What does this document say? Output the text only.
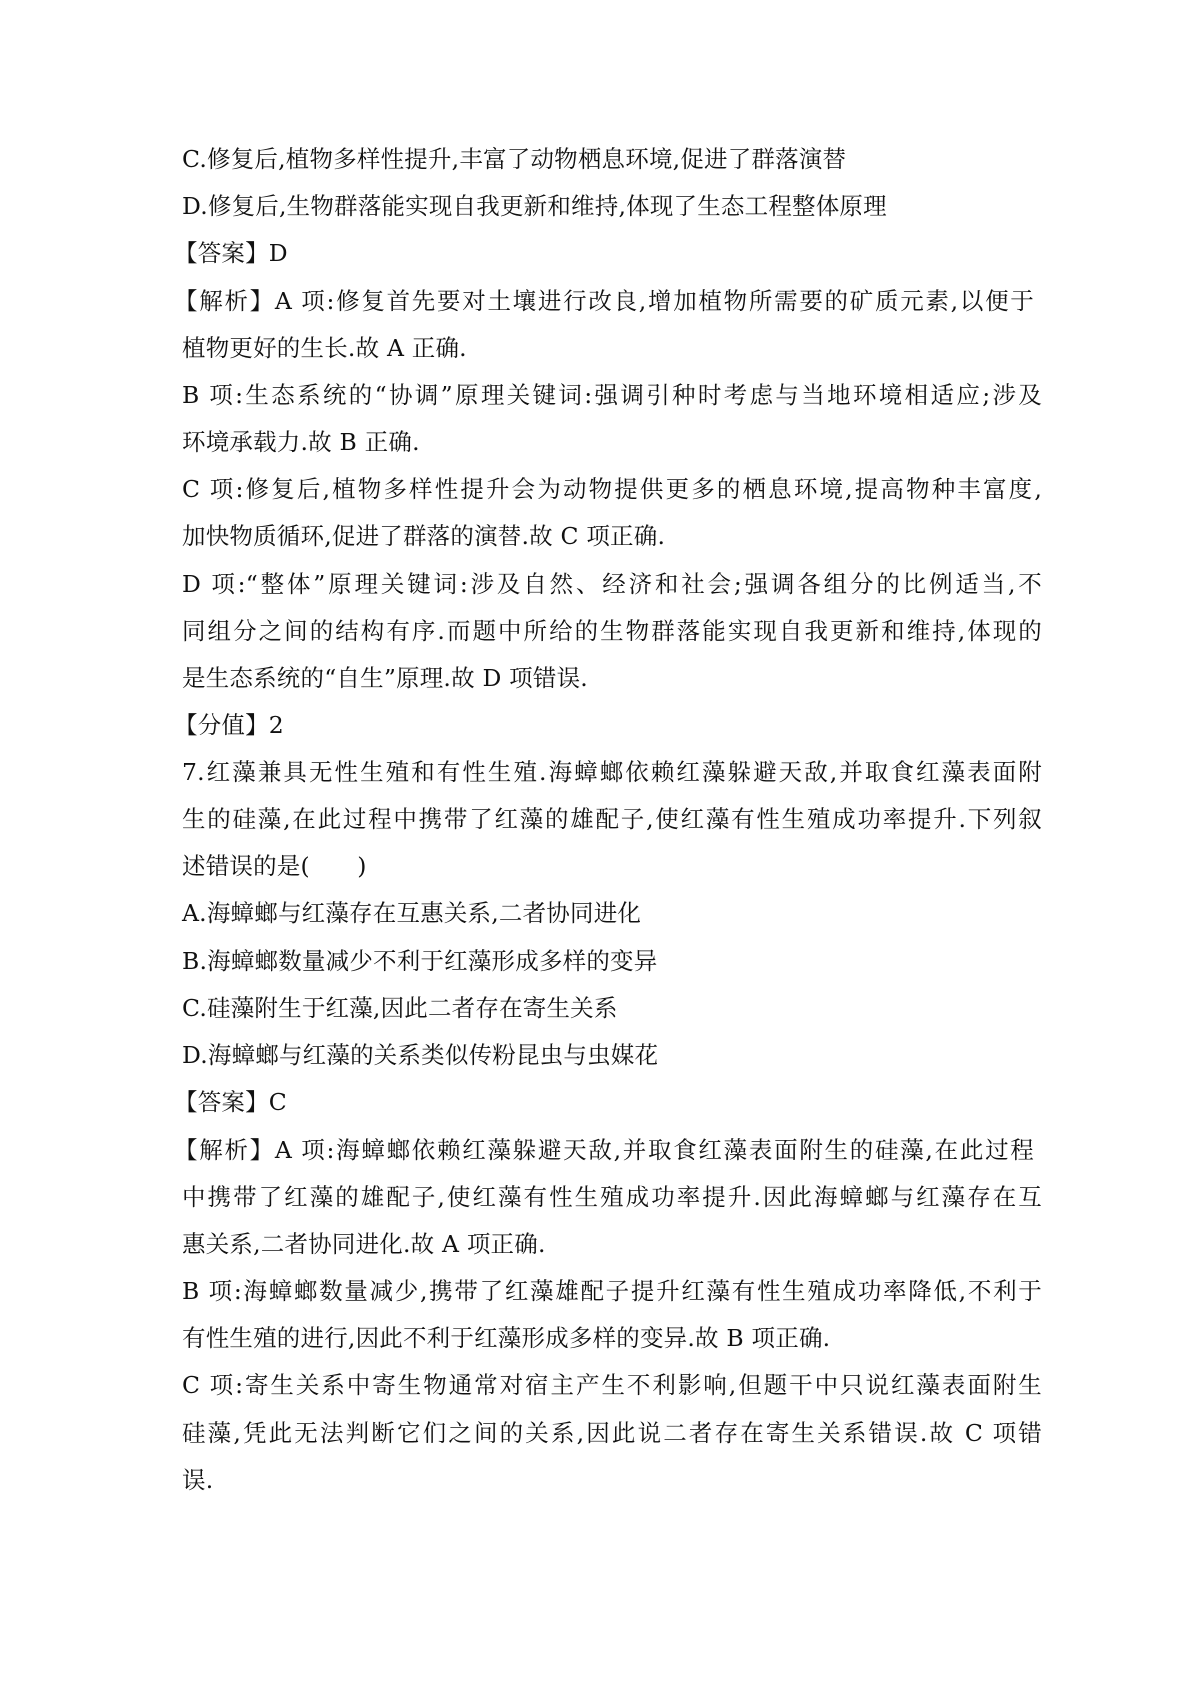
C.修复后,植物多样性提升,丰富了动物栖息环境,促进了群落演替
D.修复后,生物群落能实现自我更新和维持,体现了生态工程整体原理
【答案】D
【解析】A 项:修复首先要对土壤进行改良,增加植物所需要的矿质元素,以便于
植物更好的生长.故 A 正确.
B 项:生态系统的“协调”原理关键词:强调引种时考虑与当地环境相适应;涉及
环境承载力.故 B 正确.
C 项:修复后,植物多样性提升会为动物提供更多的栖息环境,提高物种丰富度,
加快物质循环,促进了群落的演替.故 C 项正确.
D 项:“整体”原理关键词:涉及自然、经济和社会;强调各组分的比例适当,不
同组分之间的结构有序.而题中所给的生物群落能实现自我更新和维持,体现的
是生态系统的“自生”原理.故 D 项错误.
【分值】2
7.红藻兼具无性生殖和有性生殖.海蟑螂依赖红藻躲避天敌,并取食红藻表面附
生的硅藻,在此过程中携带了红藻的雄配子,使红藻有性生殖成功率提升.下列叙
述错误的是(　　)
A.海蟑螂与红藻存在互惠关系,二者协同进化
B.海蟑螂数量减少不利于红藻形成多样的变异
C.硅藻附生于红藻,因此二者存在寄生关系
D.海蟑螂与红藻的关系类似传粉昆虫与虫媒花
【答案】C
【解析】A 项:海蟑螂依赖红藻躲避天敌,并取食红藻表面附生的硅藻,在此过程
中携带了红藻的雄配子,使红藻有性生殖成功率提升.因此海蟑螂与红藻存在互
惠关系,二者协同进化.故 A 项正确.
B 项:海蟑螂数量减少,携带了红藻雄配子提升红藻有性生殖成功率降低,不利于
有性生殖的进行,因此不利于红藻形成多样的变异.故 B 项正确.
C 项:寄生关系中寄生物通常对宿主产生不利影响,但题干中只说红藻表面附生
硅藻,凭此无法判断它们之间的关系,因此说二者存在寄生关系错误.故 C 项错
误.
